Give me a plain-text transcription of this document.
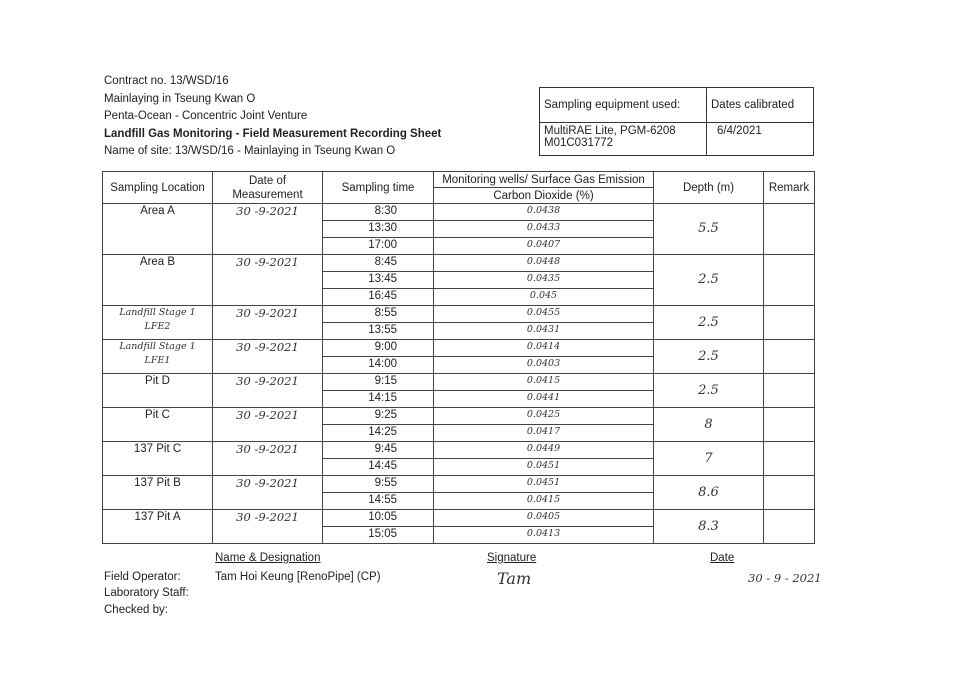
Contract no. 13/WSD/16
Mainlaying in Tseung Kwan O
Penta-Ocean - Concentric Joint Venture
Landfill Gas Monitoring - Field Measurement Recording Sheet
Name of site: 13/WSD/16 - Mainlaying in Tseung Kwan O
Sampling equipment used:	Dates calibrated

MultiRAE Lite, PGM-6208
M01C031772	6/4/2021
Sampling Location	Date of Measurement	Sampling time	Monitoring wells/ Surface Gas Emission	Depth (m)	Remark
			Carbon Dioxide (%)		
Area A	30 -9-2021	8:30	0.0438	5.5	
		13:30	0.0433		
		17:00	0.0407		
Area B	30 -9-2021	8:45	0.0448	2.5	
		13:45	0.0435		
		16:45	0.045		
Landfill Stage 1 LFE2	30 -9-2021	8:55	0.0455	2.5	
		13:55	0.0431		
Landfill Stage 1 LFE1	30 -9-2021	9:00	0.0414	2.5	
		14:00	0.0403		
Pit D	30 -9-2021	9:15	0.0415	2.5	
		14:15	0.0441		
Pit C	30 -9-2021	9:25	0.0425	8	
		14:25	0.0417		
137 Pit C	30 -9-2021	9:45	0.0449	7	
		14:45	0.0451		
137 Pit B	30 -9-2021	9:55	0.0451	8.6	
		14:55	0.0415		
137 Pit A	30 -9-2021	10:05	0.0405	8.3	
		15:05	0.0413		
Name & Designation	Signature	Date
Field Operator:	Tam Hoi Keung [RenoPipe] (CP)	Tam	30 - 9 - 2021
Laboratory Staff:
Checked by:
